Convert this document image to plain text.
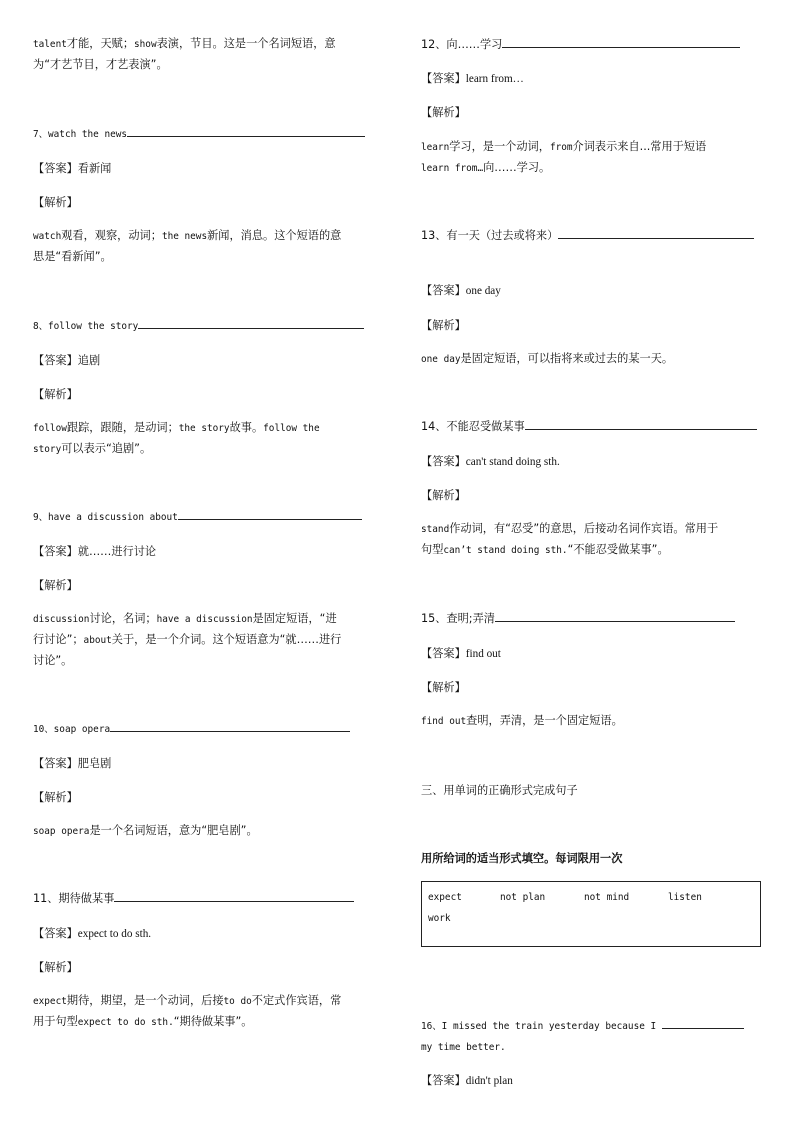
talent才能，天赋；show表演，节目。这是一个名词短语，意
为“才艺节目，才艺表演”。
7、watch the news
【答案】看新闻
【解析】
watch观看，观察，动词；the news新闻，消息。这个短语的意
思是“看新闻”。
8、follow the story
【答案】追剧
【解析】
follow跟踪，跟随，是动词；the story故事。follow the
story可以表示“追剧”。
9、have a discussion about
【答案】就……进行讨论
【解析】
discussion讨论，名词；have a discussion是固定短语，“进
行讨论”；about关于，是一个介词。这个短语意为“就……进行
讨论”。
10、soap opera
【答案】肥皂剧
【解析】
soap opera是一个名词短语，意为“肥皂剧”。
11、期待做某事
【答案】expect to do sth.
【解析】
expect期待，期望，是一个动词，后接to do不定式作宾语，常
用于句型expect to do sth.“期待做某事”。
12、向……学习
【答案】learn from…
【解析】
learn学习，是一个动词，from介词表示来自...常用于短语
learn from…向……学习。
13、有一天（过去或将来）
【答案】one day
【解析】
one day是固定短语，可以指将来或过去的某一天。
14、不能忍受做某事
【答案】can't stand doing sth.
【解析】
stand作动词，有“忍受”的意思，后接动名词作宾语。常用于
句型can’t stand doing sth.“不能忍受做某事”。
15、查明;弄清
【答案】find out
【解析】
find out查明，弄清，是一个固定短语。
三、用单词的正确形式完成句子
用所给词的适当形式填空。每词限用一次
expect	not plan	not mind	listen
work
16、I missed the train yesterday because I
my time better.
【答案】didn't plan
